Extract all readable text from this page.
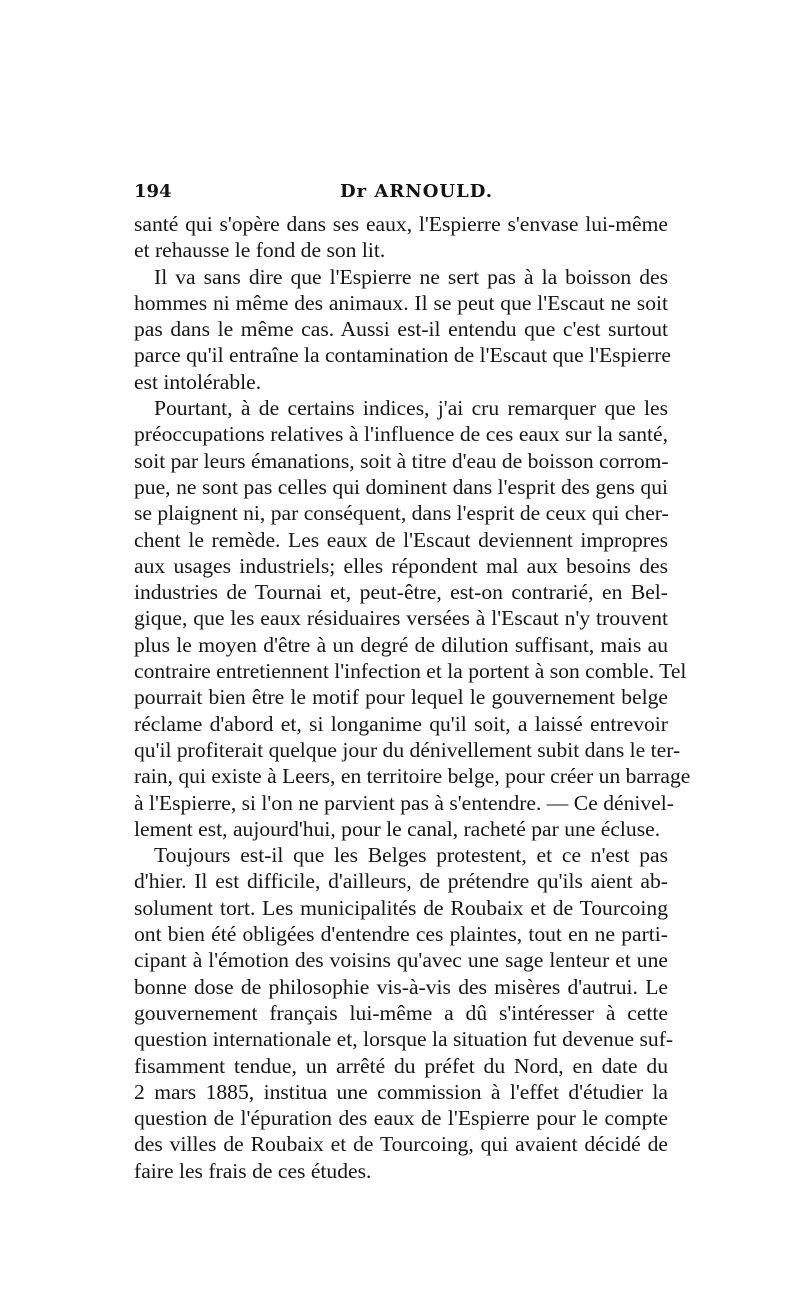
194	Dr ARNOULD.
santé qui s'opère dans ses eaux, l'Espierre s'envase lui-même
et rehausse le fond de son lit.
Il va sans dire que l'Espierre ne sert pas à la boisson des
hommes ni même des animaux. Il se peut que l'Escaut ne soit
pas dans le même cas. Aussi est-il entendu que c'est surtout
parce qu'il entraîne la contamination de l'Escaut que l'Espierre
est intolérable.
Pourtant, à de certains indices, j'ai cru remarquer que les
préoccupations relatives à l'influence de ces eaux sur la santé,
soit par leurs émanations, soit à titre d'eau de boisson corrom-
pue, ne sont pas celles qui dominent dans l'esprit des gens qui
se plaignent ni, par conséquent, dans l'esprit de ceux qui cher-
chent le remède. Les eaux de l'Escaut deviennent impropres
aux usages industriels; elles répondent mal aux besoins des
industries de Tournai et, peut-être, est-on contrarié, en Bel-
gique, que les eaux résiduaires versées à l'Escaut n'y trouvent
plus le moyen d'être à un degré de dilution suffisant, mais au
contraire entretiennent l'infection et la portent à son comble. Tel
pourrait bien être le motif pour lequel le gouvernement belge
réclame d'abord et, si longanime qu'il soit, a laissé entrevoir
qu'il profiterait quelque jour du dénivellement subit dans le ter-
rain, qui existe à Leers, en territoire belge, pour créer un barrage
à l'Espierre, si l'on ne parvient pas à s'entendre. — Ce dénivel-
lement est, aujourd'hui, pour le canal, racheté par une écluse.
Toujours est-il que les Belges protestent, et ce n'est pas
d'hier. Il est difficile, d'ailleurs, de prétendre qu'ils aient ab-
solument tort. Les municipalités de Roubaix et de Tourcoing
ont bien été obligées d'entendre ces plaintes, tout en ne parti-
cipant à l'émotion des voisins qu'avec une sage lenteur et une
bonne dose de philosophie vis-à-vis des misères d'autrui. Le
gouvernement français lui-même a dû s'intéresser à cette
question internationale et, lorsque la situation fut devenue suf-
fisamment tendue, un arrêté du préfet du Nord, en date du
2 mars 1885, institua une commission à l'effet d'étudier la
question de l'épuration des eaux de l'Espierre pour le compte
des villes de Roubaix et de Tourcoing, qui avaient décidé de
faire les frais de ces études.
